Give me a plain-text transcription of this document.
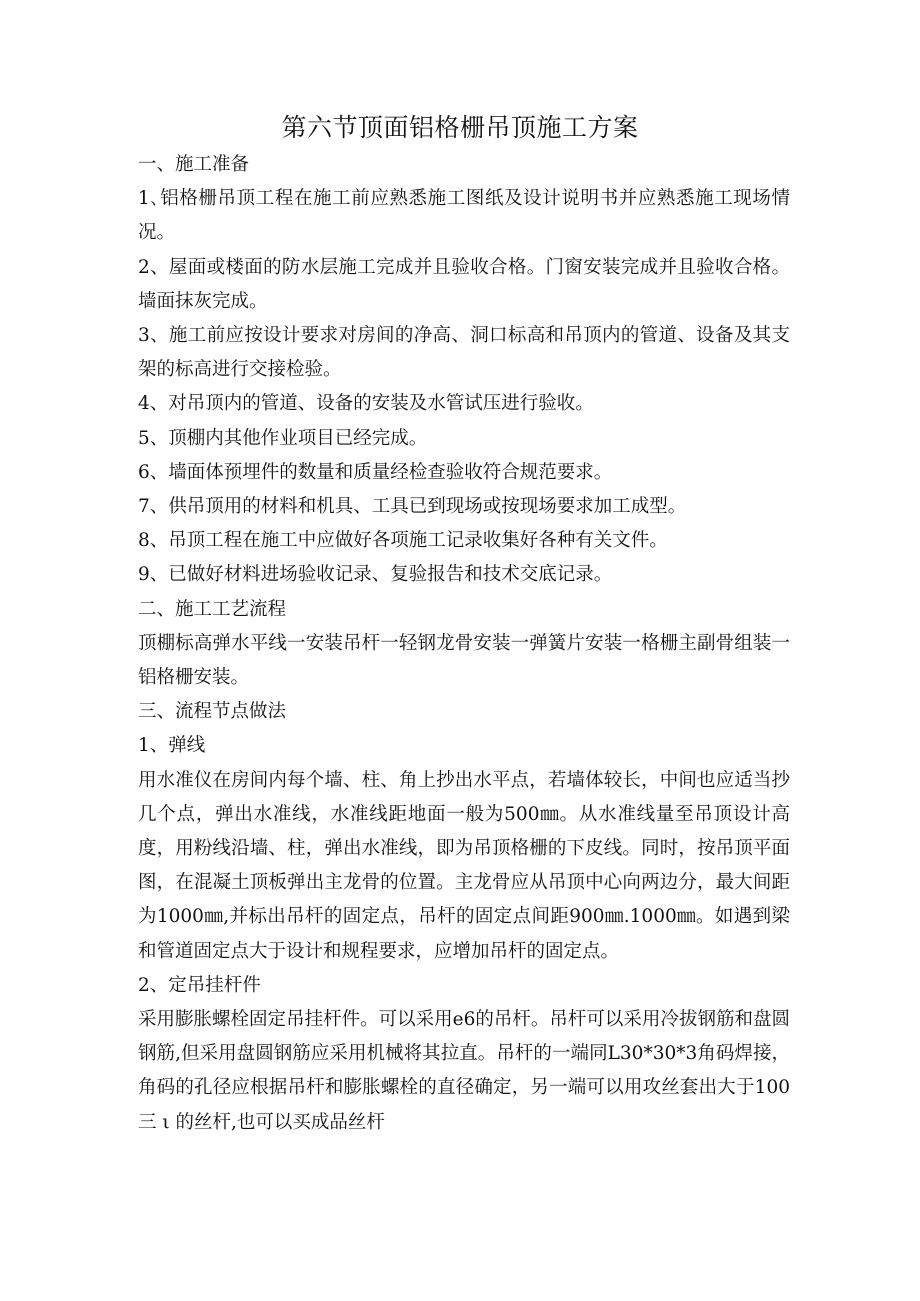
第六节顶面铝格栅吊顶施工方案

一、施工准备

1､铝格栅吊顶工程在施工前应熟悉施工图纸及设计说明书并应熟悉施工现场情况。

2、屋面或楼面的防水层施工完成并且验收合格。门窗安装完成并且验收合格。墙面抹灰完成。

3、施工前应按设计要求对房间的净高、洞口标高和吊顶内的管道、设备及其支架的标高进行交接检验。

4、对吊顶内的管道、设备的安装及水管试压进行验收。

5、顶棚内其他作业项目已经完成。

6、墙面体预埋件的数量和质量经检查验收符合规范要求。

7、供吊顶用的材料和机具、工具已到现场或按现场要求加工成型。

8、吊顶工程在施工中应做好各项施工记录收集好各种有关文件。

9、已做好材料进场验收记录、复验报告和技术交底记录。

二、施工工艺流程

顶棚标高弹水平线一安装吊杆一轻钢龙骨安装一弹簧片安装一格栅主副骨组装一铝格栅安装。

三、流程节点做法

1、弹线

用水准仪在房间内每个墙、柱、角上抄出水平点，若墙体较长，中间也应适当抄几个点，弹出水准线，水准线距地面一般为500㎜。从水准线量至吊顶设计高度，用粉线沿墙、柱，弹出水准线，即为吊顶格栅的下皮线。同时，按吊顶平面图，在混凝土顶板弹出主龙骨的位置。主龙骨应从吊顶中心向两边分，最大间距为1000㎜,并标出吊杆的固定点，吊杆的固定点间距900㎜.1000㎜。如遇到梁和管道固定点大于设计和规程要求，应增加吊杆的固定点。

2、定吊挂杆件

采用膨胀螺栓固定吊挂杆件。可以采用e6的吊杆。吊杆可以采用冷拔钢筋和盘圆钢筋,但采用盘圆钢筋应采用机械将其拉直。吊杆的一端同L30*30*3角码焊接，角码的孔径应根据吊杆和膨胀螺栓的直径确定，另一端可以用攻丝套出大于100三 ι 的丝杆,也可以买成品丝杆
